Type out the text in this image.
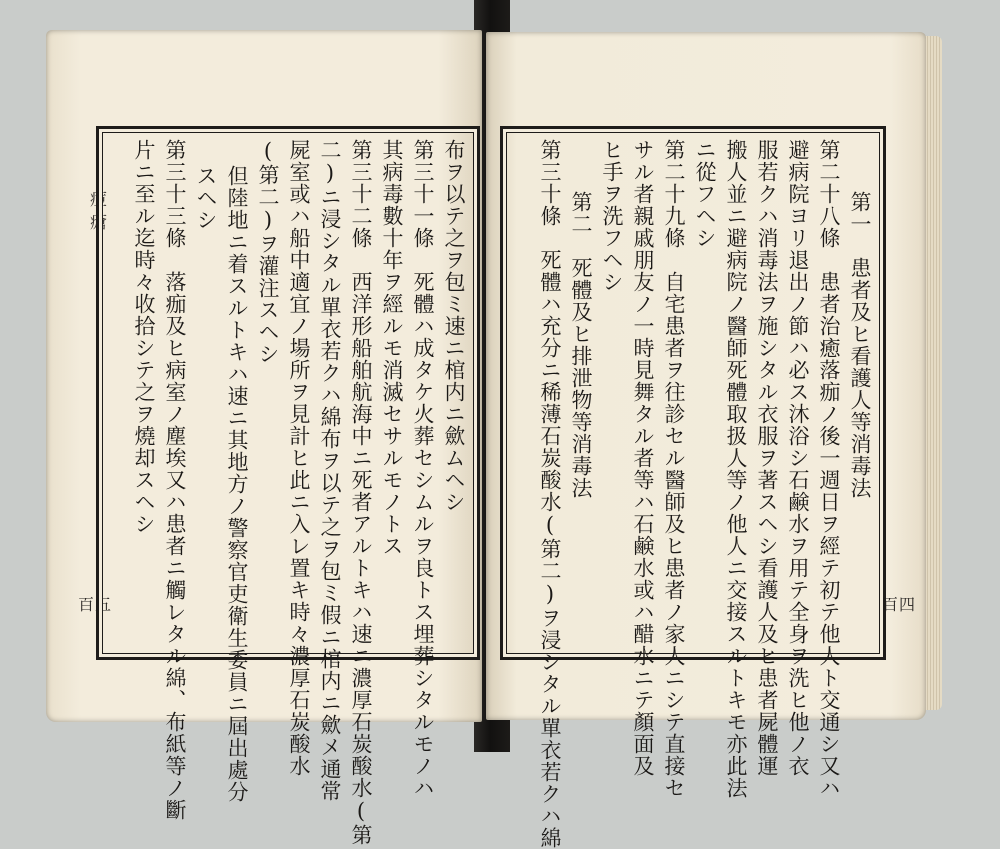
痘瘡
百五	百四
布ヲ以テ之ヲ包ミ速ニ棺内ニ歛ムヘシ
第三十一條　死體ハ成タケ火葬セシムルヲ良トス埋葬シタルモノハ
其病毒數十年ヲ經ルモ消滅セサルモノトス
第三十二條　西洋形船舶航海中ニ死者アルトキハ速ニ濃厚石炭酸水(第
二)ニ浸シタル單衣若クハ綿布ヲ以テ之ヲ包ミ假ニ棺内ニ歛メ通常
屍室或ハ船中適宜ノ場所ヲ見計ヒ此ニ入レ置キ時々濃厚石炭酸水
(第二)ヲ灌注スヘシ
但陸地ニ着スルトキハ速ニ其地方ノ警察官吏衛生委員ニ屆出處分
スヘシ
第三十三條　落痂及ヒ病室ノ塵埃又ハ患者ニ觸レタル綿、布紙等ノ斷
片ニ至ル迄時々收拾シテ之ヲ燒却スヘシ	第一　患者及ヒ看護人等消毒法
第二十八條　患者治癒落痂ノ後一週日ヲ經テ初テ他人ト交通シ又ハ
避病院ヨリ退出ノ節ハ必ス沐浴シ石鹸水ヲ用テ全身ヲ洗ヒ他ノ衣
服若クハ消毒法ヲ施シタル衣服ヲ著スヘシ看護人及ヒ患者屍體運
搬人並ニ避病院ノ醫師死體取扱人等ノ他人ニ交接スルトキモ亦此法
ニ從フヘシ
第二十九條　自宅患者ヲ往診セル醫師及ヒ患者ノ家人ニシテ直接セ
サル者親戚朋友ノ一時見舞タル者等ハ石鹸水或ハ醋水ニテ顏面及
ヒ手ヲ洗フヘシ
第二　死體及ヒ排泄物等消毒法
第三十條　死體ハ充分ニ稀薄石炭酸水(第二)ヲ浸シタル單衣若クハ綿
